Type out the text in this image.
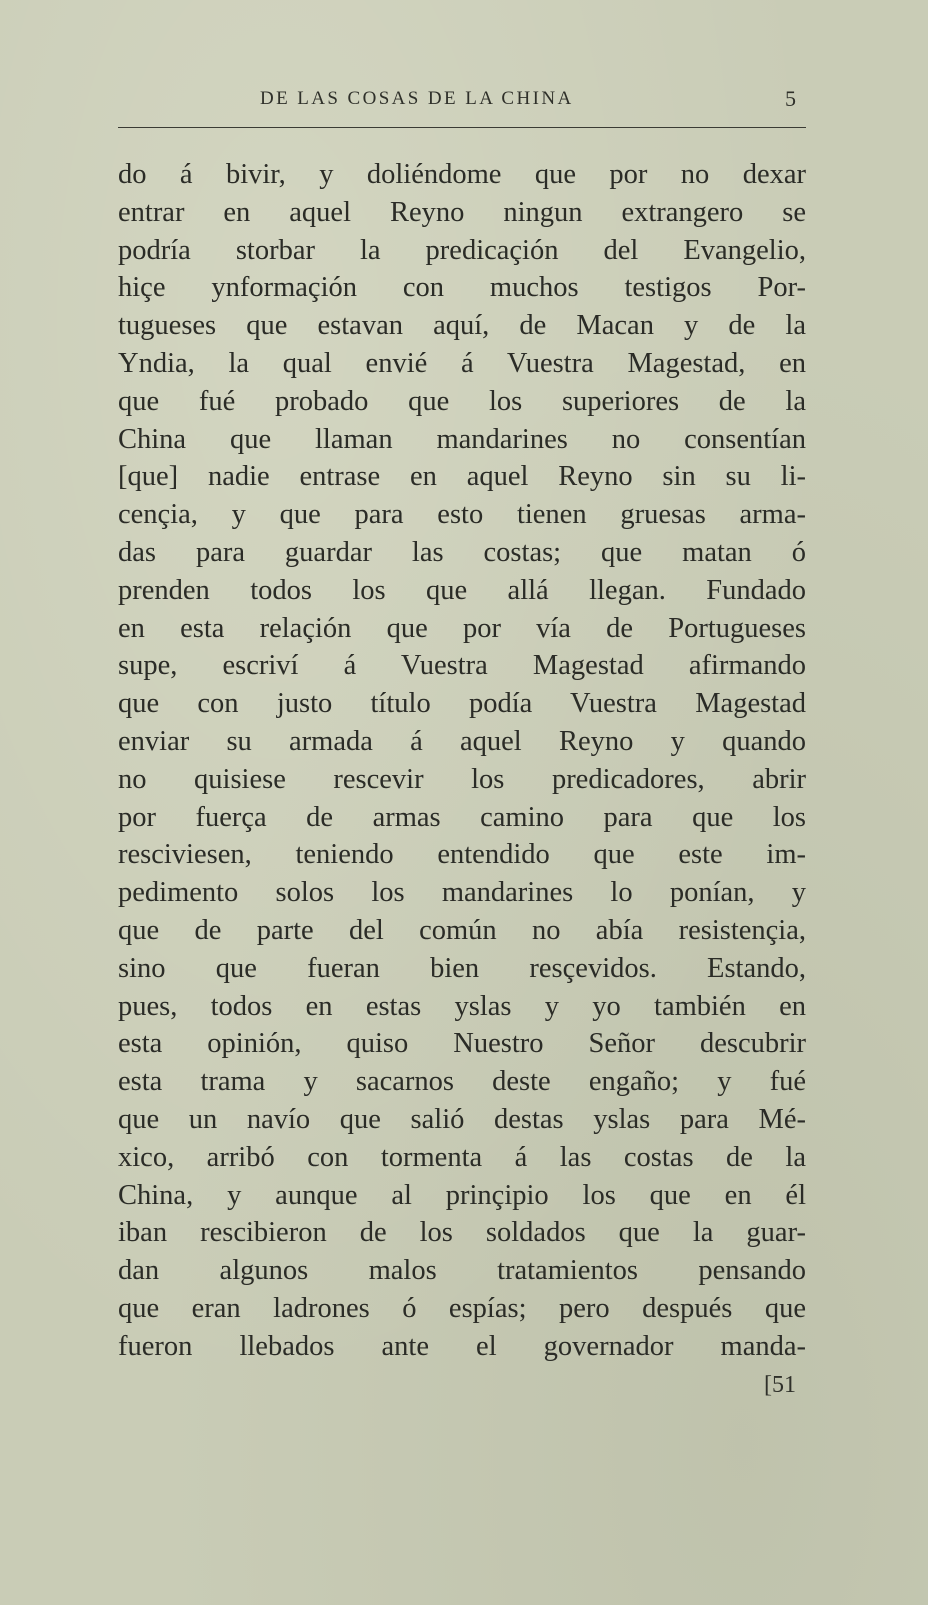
DE LAS COSAS DE LA CHINA	5
do á bivir, y doliéndome que por no dexar
entrar en aquel Reyno ningun extrangero se
podría storbar la predicaçión del Evangelio,
hiçe ynformaçión con muchos testigos Por-
tugueses que estavan aquí, de Macan y de la
Yndia, la qual envié á Vuestra Magestad, en
que fué probado que los superiores de la
China que llaman mandarines no consentían
[que] nadie entrase en aquel Reyno sin su li-
cençia, y que para esto tienen gruesas arma-
das para guardar las costas; que matan ó
prenden todos los que allá llegan. Fundado
en esta relaçión que por vía de Portugueses
supe, escriví á Vuestra Magestad afirmando
que con justo título podía Vuestra Magestad
enviar su armada á aquel Reyno y quando
no quisiese rescevir los predicadores, abrir
por fuerça de armas camino para que los
resciviesen, teniendo entendido que este im-
pedimento solos los mandarines lo ponían, y
que de parte del común no abía resistençia,
sino que fueran bien resçevidos. Estando,
pues, todos en estas yslas y yo también en
esta opinión, quiso Nuestro Señor descubrir
esta trama y sacarnos deste engaño; y fué
que un navío que salió destas yslas para Mé-
xico, arribó con tormenta á las costas de la
China, y aunque al prinçipio los que en él
iban rescibieron de los soldados que la guar-
dan algunos malos tratamientos pensando
que eran ladrones ó espías; pero después que
fueron llebados ante el governador manda-
[51
